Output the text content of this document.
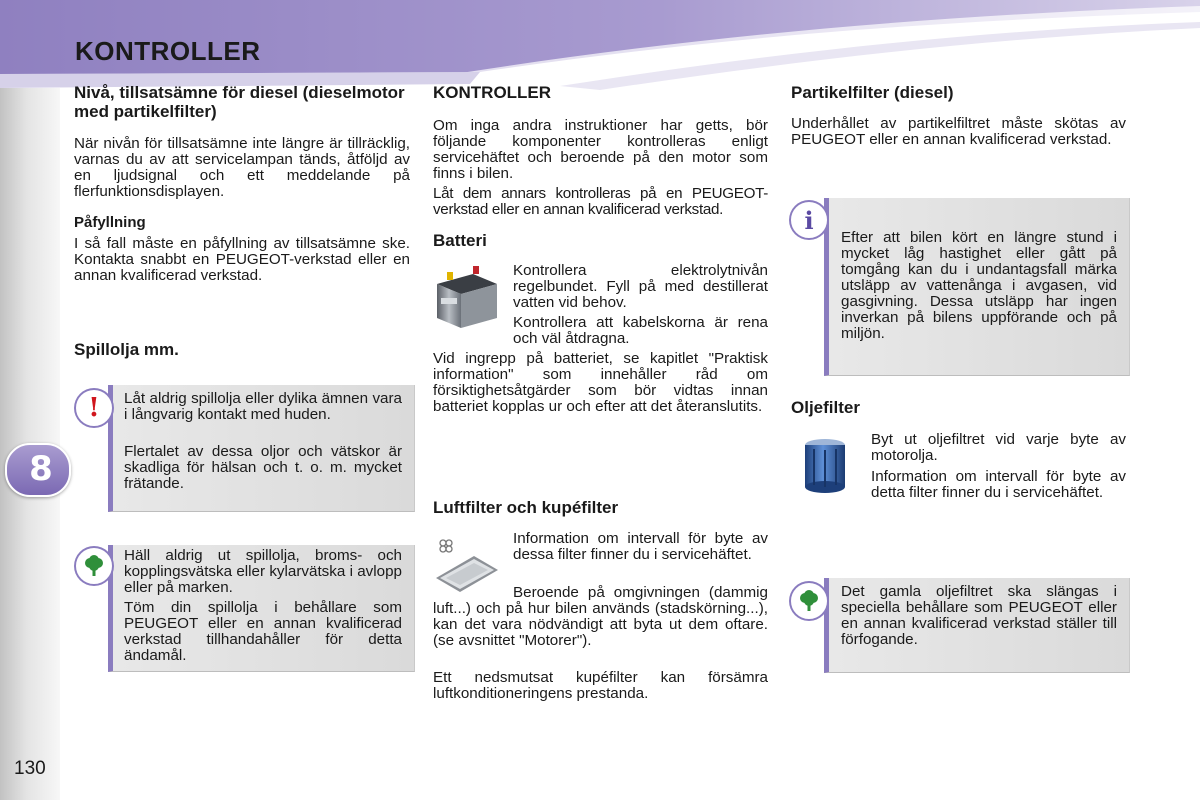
KONTROLLER
8
130
Nivå, tillsatsämne för diesel (dieselmotor med partikelfilter)

När nivån för tillsatsämne inte längre är tillräcklig, varnas du av att servicelampan tänds, åtföljd av en ljudsignal och ett meddelande på flerfunktionsdisplayen.

Påfyllning

I så fall måste en påfyllning av tillsatsämne ske. Kontakta snabbt en PEUGEOT-verkstad eller en annan kvalificerad verkstad.

Spillolja mm.

Låt aldrig spillolja eller dylika ämnen vara i långvarig kontakt med huden.

Flertalet av dessa oljor och vätskor är skadliga för hälsan och t. o. m. mycket frätande.

!

Häll aldrig ut spillolja, broms- och kopplingsvätska eller kylarvätska i avlopp eller på marken.

Töm din spillolja i behållare som PEUGEOT eller en annan kvalificerad verkstad tillhandahåller för detta ändamål.

KONTROLLER

Om inga andra instruktioner har getts, bör följande komponenter kontrolleras enligt servicehäftet och beroende på den motor som finns i bilen.

Låt dem annars kontrolleras på en PEUGEOT-verkstad eller en annan kvalificerad verkstad.

Batteri

Kontrollera elektrolytnivån regelbundet. Fyll på med destillerat vatten vid behov.

Kontrollera att kabelskorna är rena och väl åtdragna.

Vid ingrepp på batteriet, se kapitlet "Praktisk information" som innehåller råd om försiktighetsåtgärder som bör vidtas innan batteriet kopplas ur och efter att det återanslutits.

Luftfilter och kupéfilter

Information om intervall för byte av dessa filter finner du i servicehäftet.

Beroende på omgivningen (dammig luft...) och på hur bilen används (stadskörning...), kan det vara nödvändigt att byta ut dem oftare. (se avsnittet "Motorer").

Ett nedsmutsat kupéfilter kan försämra luftkonditioneringens prestanda.

Partikelfilter (diesel)

Underhållet av partikelfiltret måste skötas av PEUGEOT eller en annan kvalificerad verkstad.

Oljefilter

Byt ut oljefiltret vid varje byte av motorolja.

Information om intervall för byte av detta filter finner du i servicehäftet.

Efter att bilen kört en längre stund i mycket låg hastighet eller gått på tomgång kan du i undantagsfall märka utsläpp av vattenånga i avgasen, vid gasgivning. Dessa utsläpp har ingen inverkan på bilens uppförande och på miljön.

i

Det gamla oljefiltret ska slängas i speciella behållare som PEUGEOT eller en annan kvalificerad verkstad ställer till förfogande.
